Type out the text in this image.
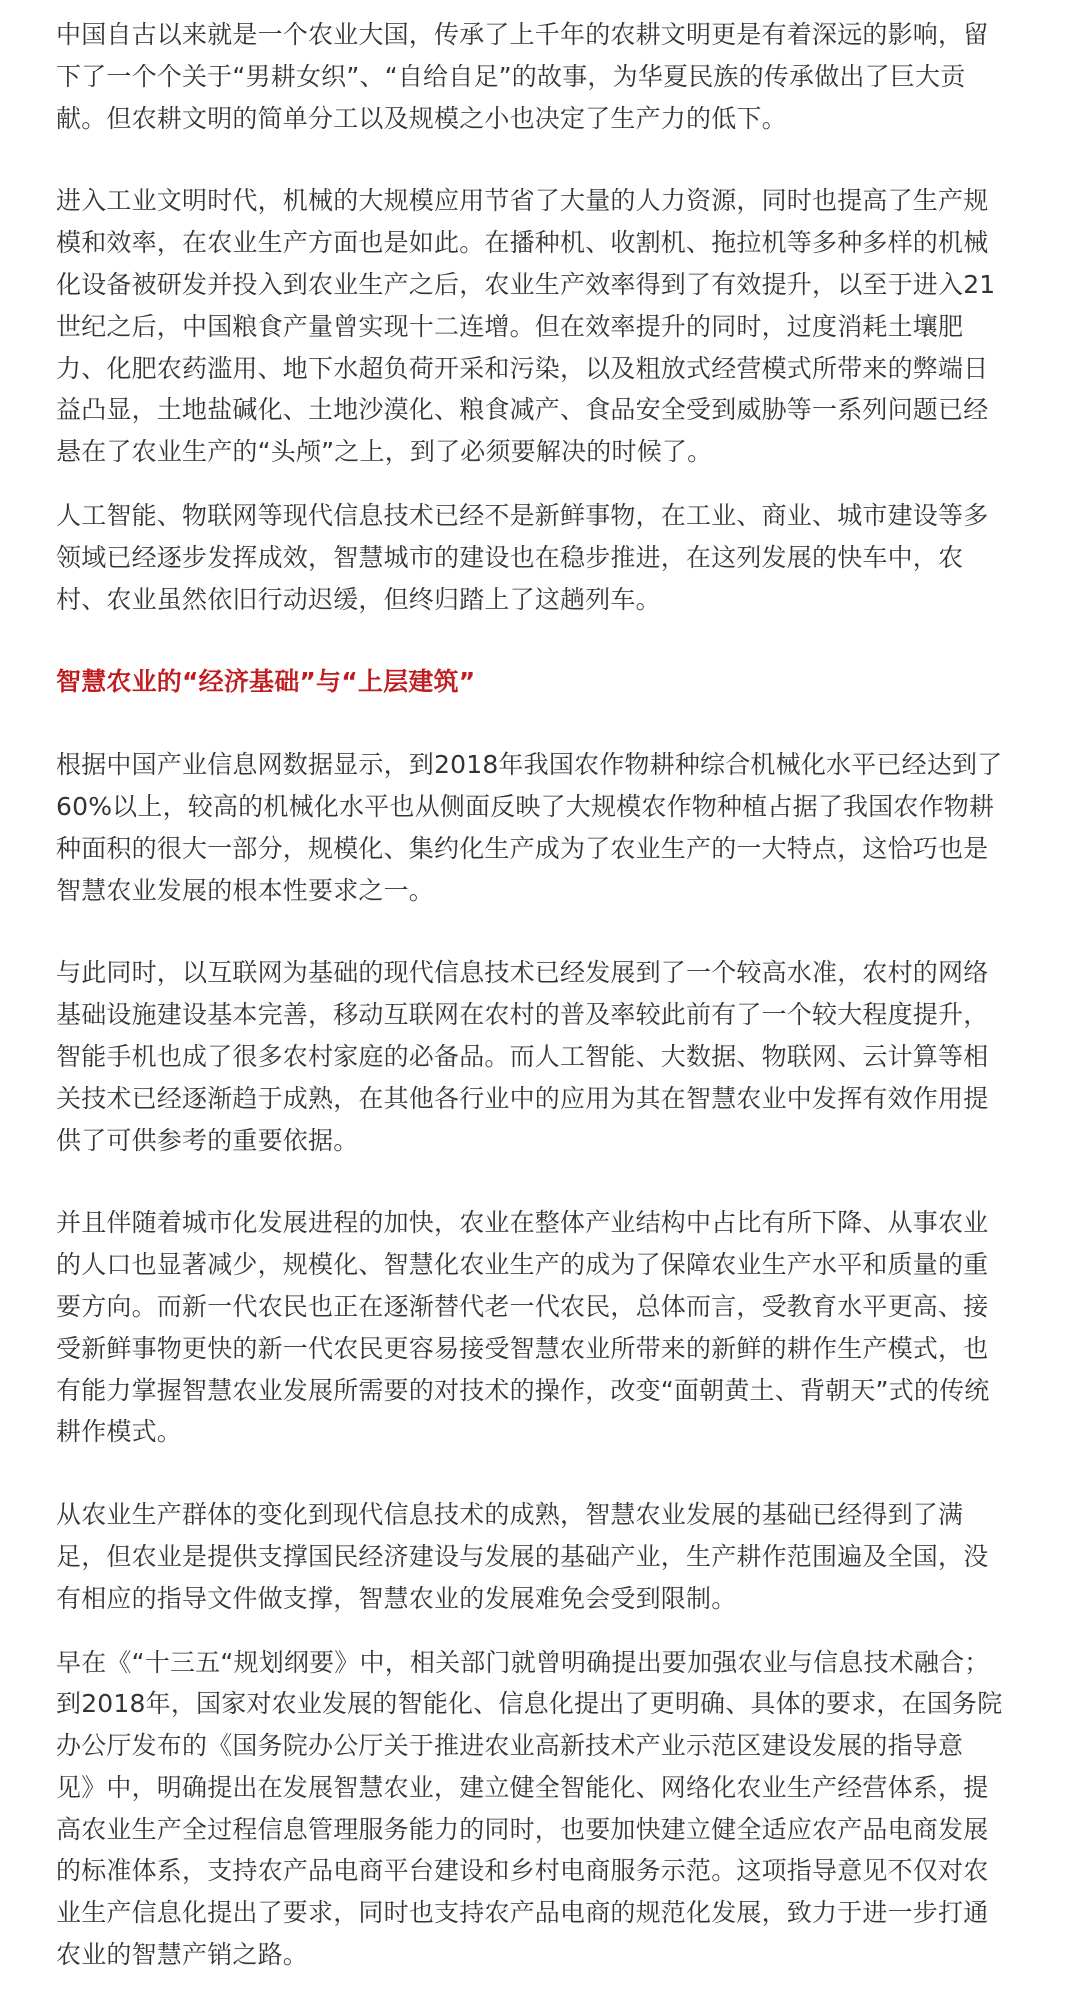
中国自古以来就是一个农业大国，传承了上千年的农耕文明更是有着深远的影响，留
下了一个个关于“男耕女织”、“自给自足”的故事，为华夏民族的传承做出了巨大贡
献。但农耕文明的简单分工以及规模之小也决定了生产力的低下。

进入工业文明时代，机械的大规模应用节省了大量的人力资源，同时也提高了生产规
模和效率，在农业生产方面也是如此。在播种机、收割机、拖拉机等多种多样的机械
化设备被研发并投入到农业生产之后，农业生产效率得到了有效提升，以至于进入21
世纪之后，中国粮食产量曾实现十二连增。但在效率提升的同时，过度消耗土壤肥
力、化肥农药滥用、地下水超负荷开采和污染，以及粗放式经营模式所带来的弊端日
益凸显，土地盐碱化、土地沙漠化、粮食减产、食品安全受到威胁等一系列问题已经
悬在了农业生产的“头颅”之上，到了必须要解决的时候了。

人工智能、物联网等现代信息技术已经不是新鲜事物，在工业、商业、城市建设等多
领域已经逐步发挥成效，智慧城市的建设也在稳步推进，在这列发展的快车中，农
村、农业虽然依旧行动迟缓，但终归踏上了这趟列车。

智慧农业的“经济基础”与“上层建筑”

根据中国产业信息网数据显示，到2018年我国农作物耕种综合机械化水平已经达到了
60%以上，较高的机械化水平也从侧面反映了大规模农作物种植占据了我国农作物耕
种面积的很大一部分，规模化、集约化生产成为了农业生产的一大特点，这恰巧也是
智慧农业发展的根本性要求之一。

与此同时，以互联网为基础的现代信息技术已经发展到了一个较高水准，农村的网络
基础设施建设基本完善，移动互联网在农村的普及率较此前有了一个较大程度提升，
智能手机也成了很多农村家庭的必备品。而人工智能、大数据、物联网、云计算等相
关技术已经逐渐趋于成熟，在其他各行业中的应用为其在智慧农业中发挥有效作用提
供了可供参考的重要依据。

并且伴随着城市化发展进程的加快，农业在整体产业结构中占比有所下降、从事农业
的人口也显著减少，规模化、智慧化农业生产的成为了保障农业生产水平和质量的重
要方向。而新一代农民也正在逐渐替代老一代农民，总体而言，受教育水平更高、接
受新鲜事物更快的新一代农民更容易接受智慧农业所带来的新鲜的耕作生产模式，也
有能力掌握智慧农业发展所需要的对技术的操作，改变“面朝黄土、背朝天”式的传统
耕作模式。

从农业生产群体的变化到现代信息技术的成熟，智慧农业发展的基础已经得到了满
足，但农业是提供支撑国民经济建设与发展的基础产业，生产耕作范围遍及全国，没
有相应的指导文件做支撑，智慧农业的发展难免会受到限制。

早在《“十三五“规划纲要》中，相关部门就曾明确提出要加强农业与信息技术融合；
到2018年，国家对农业发展的智能化、信息化提出了更明确、具体的要求，在国务院
办公厅发布的《国务院办公厅关于推进农业高新技术产业示范区建设发展的指导意
见》中，明确提出在发展智慧农业，建立健全智能化、网络化农业生产经营体系，提
高农业生产全过程信息管理服务能力的同时，也要加快建立健全适应农产品电商发展
的标准体系，支持农产品电商平台建设和乡村电商服务示范。这项指导意见不仅对农
业生产信息化提出了要求，同时也支持农产品电商的规范化发展，致力于进一步打通
农业的智慧产销之路。
